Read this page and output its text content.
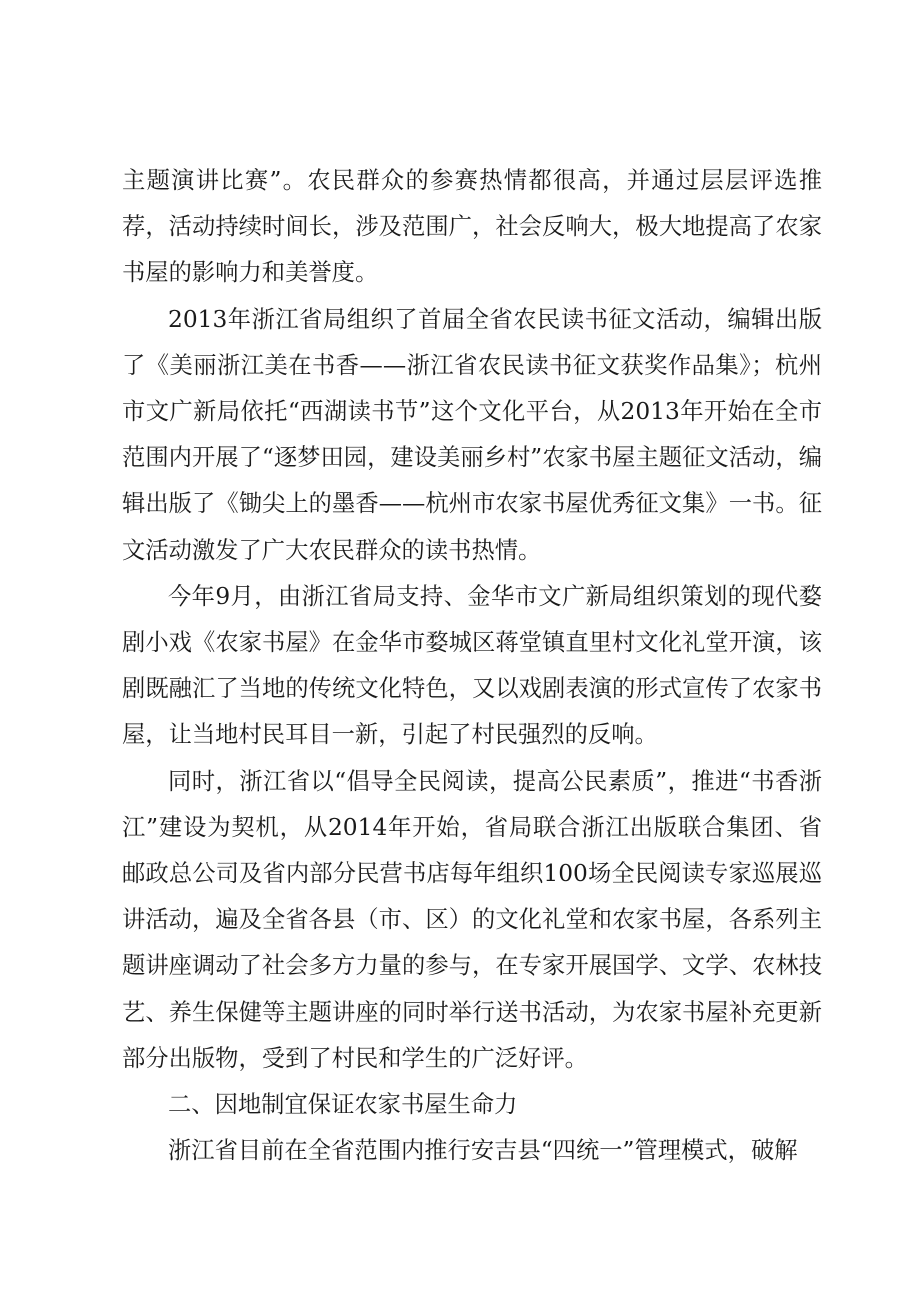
主题演讲比赛”。农民群众的参赛热情都很高，并通过层层评选推荐，活动持续时间长，涉及范围广，社会反响大，极大地提高了农家书屋的影响力和美誉度。

2013年浙江省局组织了首届全省农民读书征文活动，编辑出版了《美丽浙江美在书香——浙江省农民读书征文获奖作品集》；杭州市文广新局依托“西湖读书节”这个文化平台，从2013年开始在全市范围内开展了“逐梦田园，建设美丽乡村”农家书屋主题征文活动，编辑出版了《锄尖上的墨香——杭州市农家书屋优秀征文集》一书。征文活动激发了广大农民群众的读书热情。

今年9月，由浙江省局支持、金华市文广新局组织策划的现代婺剧小戏《农家书屋》在金华市婺城区蒋堂镇直里村文化礼堂开演，该剧既融汇了当地的传统文化特色，又以戏剧表演的形式宣传了农家书屋，让当地村民耳目一新，引起了村民强烈的反响。

同时，浙江省以“倡导全民阅读，提高公民素质”，推进“书香浙江”建设为契机，从2014年开始，省局联合浙江出版联合集团、省邮政总公司及省内部分民营书店每年组织100场全民阅读专家巡展巡讲活动，遍及全省各县（市、区）的文化礼堂和农家书屋，各系列主题讲座调动了社会多方力量的参与，在专家开展国学、文学、农林技艺、养生保健等主题讲座的同时举行送书活动，为农家书屋补充更新部分出版物，受到了村民和学生的广泛好评。

二、因地制宜保证农家书屋生命力

浙江省目前在全省范围内推行安吉县“四统一”管理模式，破解
